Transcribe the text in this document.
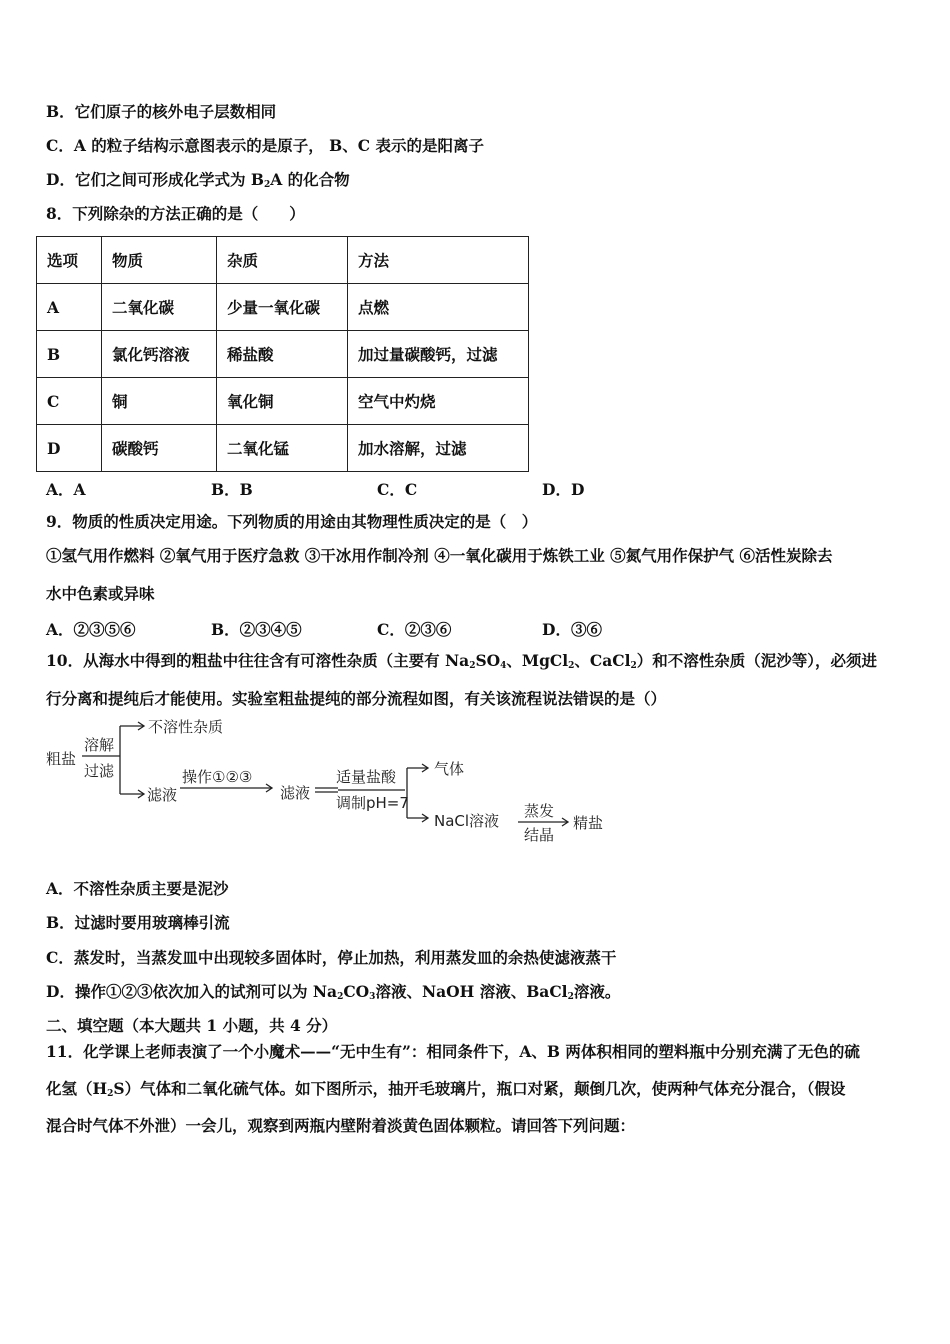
B．它们原子的核外电子层数相同
C．A 的粒子结构示意图表示的是原子， B、C 表示的是阳离子
D．它们之间可形成化学式为 $B_2A$ 的化合物
8．下列除杂的方法正确的是（　　）
选项	物质	杂质	方法
A	二氧化碳	少量一氧化碳	点燃
B	氯化钙溶液	稀盐酸	加过量碳酸钙，过滤
C	铜	氧化铜	空气中灼烧
D	碳酸钙	二氧化锰	加水溶解，过滤
A．A	B．B	C．C	D．D
9．物质的性质决定用途。下列物质的用途由其物理性质决定的是（　）
①氢气用作燃料 ②氧气用于医疗急救 ③干冰用作制冷剂 ④一氧化碳用于炼铁工业 ⑤氮气用作保护气 ⑥活性炭除去
水中色素或异味
A．②③⑤⑥	B．②③④⑤	C．②③⑥	D．③⑥
10．从海水中得到的粗盐中往往含有可溶性杂质（主要有 $Na_2SO_4$、MgCl$_2$、CaCl$_2$）和不溶性杂质（泥沙等），必须进
行分离和提纯后才能使用。实验室粗盐提纯的部分流程如图，有关该流程说法错误的是（）
粗盐
溶解
过滤
不溶性杂质
滤液
操作①②③
滤液
适量盐酸
调制pH=7
气体
NaCl溶液
蒸发
结晶
精盐
A．不溶性杂质主要是泥沙
B．过滤时要用玻璃棒引流
C．蒸发时，当蒸发皿中出现较多固体时，停止加热，利用蒸发皿的余热使滤液蒸干
D．操作①②③依次加入的试剂可以为 $Na_2CO_3$溶液、NaOH 溶液、BaCl$_2$溶液。
二、填空题（本大题共 1 小题，共 4 分）
11．化学课上老师表演了一个小魔术——“无中生有”：相同条件下，A、B 两体积相同的塑料瓶中分别充满了无色的硫
化氢$(H_2S)$气体和二氧化硫气体。如下图所示，抽开毛玻璃片，瓶口对紧，颠倒几次，使两种气体充分混合，（假设
混合时气体不外泄）一会儿，观察到两瓶内壁附着淡黄色固体颗粒。请回答下列问题：
